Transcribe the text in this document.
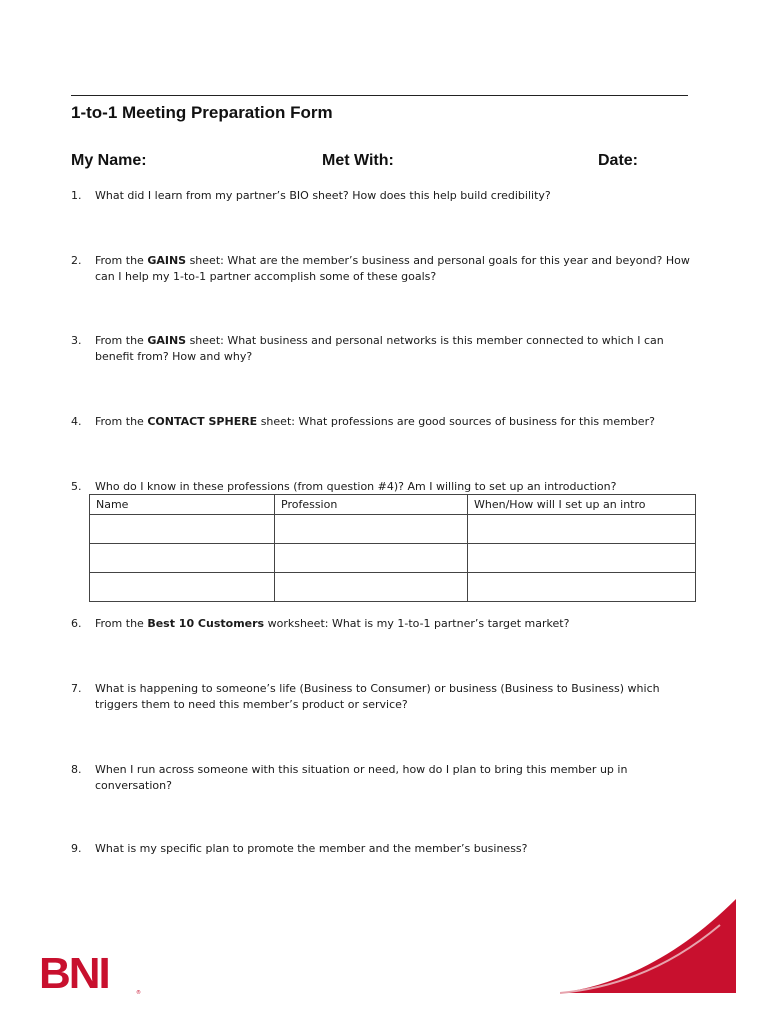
1-to-1 Meeting Preparation Form
My Name:	Met With:	Date:
1. What did I learn from my partner’s BIO sheet? How does this help build credibility?
2. From the GAINS sheet: What are the member’s business and personal goals for this year and beyond? How can I help my 1-to-1 partner accomplish some of these goals?
3. From the GAINS sheet: What business and personal networks is this member connected to which I can benefit from? How and why?
4. From the CONTACT SPHERE sheet: What professions are good sources of business for this member?
5. Who do I know in these professions (from question #4)? Am I willing to set up an introduction?
Name	Profession	When/How will I set up an intro

6. From the Best 10 Customers worksheet: What is my 1-to-1 partner’s target market?
7. What is happening to someone’s life (Business to Consumer) or business (Business to Business) which triggers them to need this member’s product or service?
8. When I run across someone with this situation or need, how do I plan to bring this member up in conversation?
9. What is my specific plan to promote the member and the member’s business?
BNI	®
